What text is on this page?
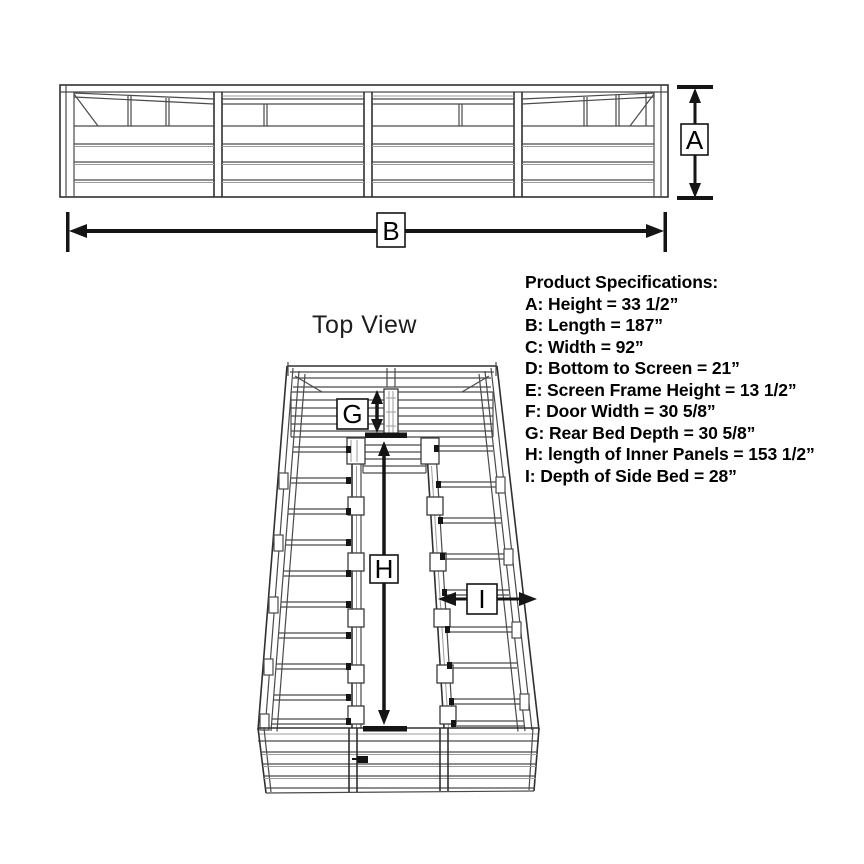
A
B
G
H
I
Top View
Product Specifications:
A: Height = 33 1/2”
B: Length = 187”
C: Width = 92”
D: Bottom to Screen = 21”
E: Screen Frame Height = 13 1/2”
F: Door Width = 30 5/8”
G: Rear Bed Depth = 30 5/8”
H: length of Inner Panels = 153 1/2”
I: Depth of Side Bed = 28”
